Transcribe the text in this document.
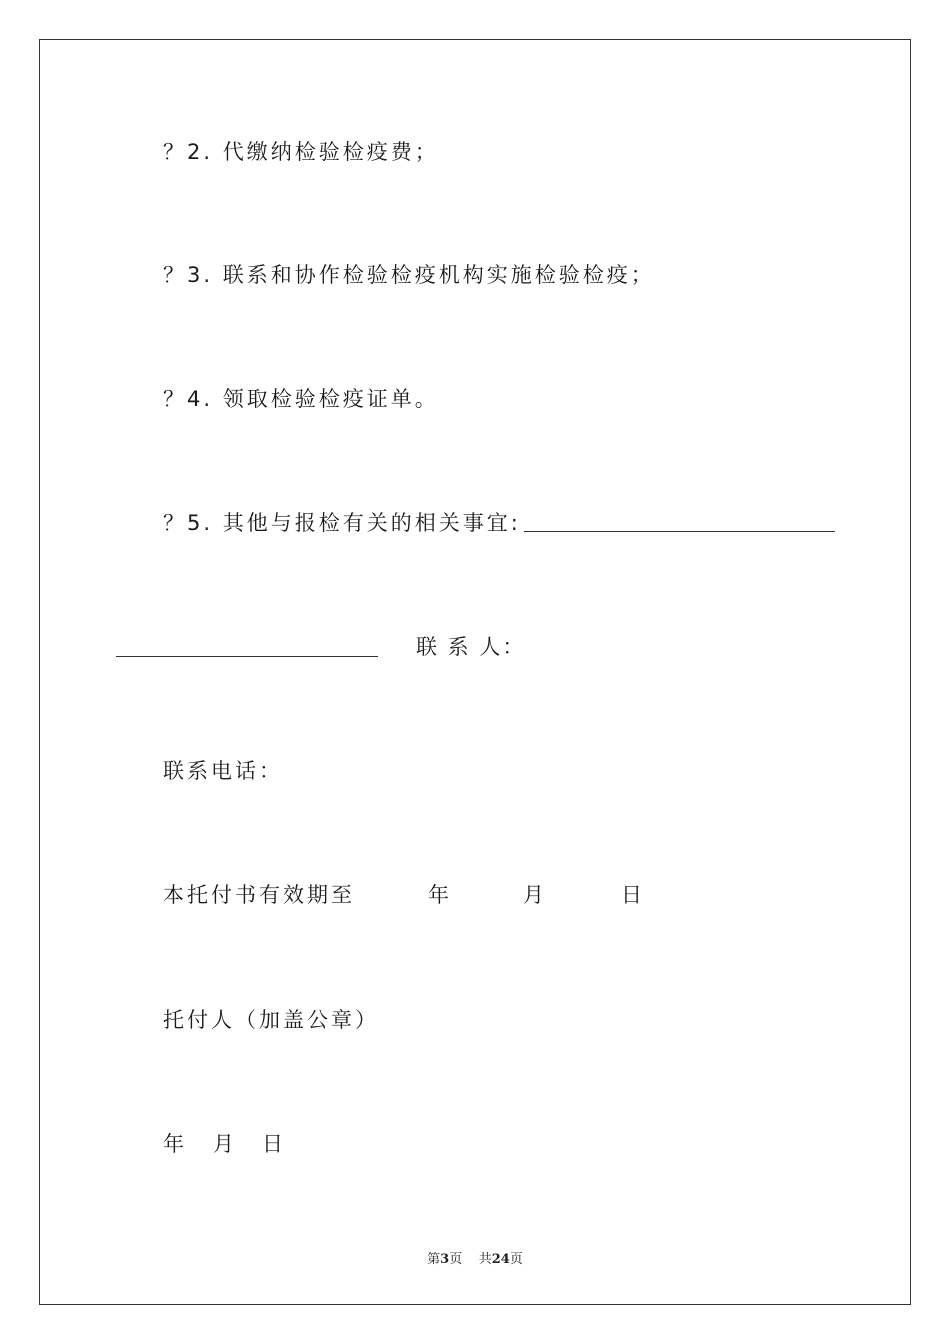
？2. 代缴纳检验检疫费；
？3. 联系和协作检验检疫机构实施检验检疫；
？4. 领取检验检疫证单。
？5. 其他与报检有关的相关事宜:
联 系 人：
联系电话：
本托付书有效期至	年	月	日
托付人（加盖公章）
年 月 日
第3页 共24页
